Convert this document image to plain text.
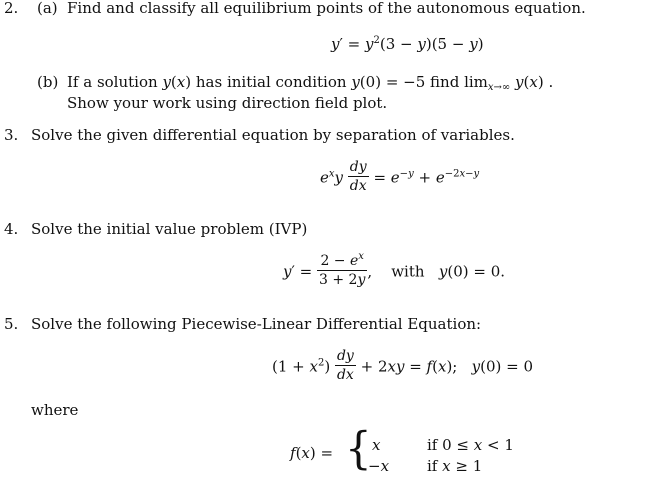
2. (a) Find and classify all equilibrium points of the autonomous equation.
$y' = y^2(3 - y)(5 - y)$
(b) If a solution y(x) has initial condition y(0) = −5 find $\lim_{x\to\infty} y(x)$ .
Show your work using direction field plot.
3. Solve the given differential equation by separation of variables.
$e^xy \frac{dy}{dx} = e^{-y} + e^{-2x-y}$
4. Solve the initial value problem (IVP)
$y' = \frac{2 - e^x}{3 + 2y}$ ,    with   y(0) = 0.
5. Solve the following Piecewise-Linear Differential Equation:
$(1 + x^2) \frac{dy}{dx} + 2xy = f(x)$;   y(0) = 0
where
f(x) = { x	if 0 ≤ x < 1
−x	if x ≥ 1
